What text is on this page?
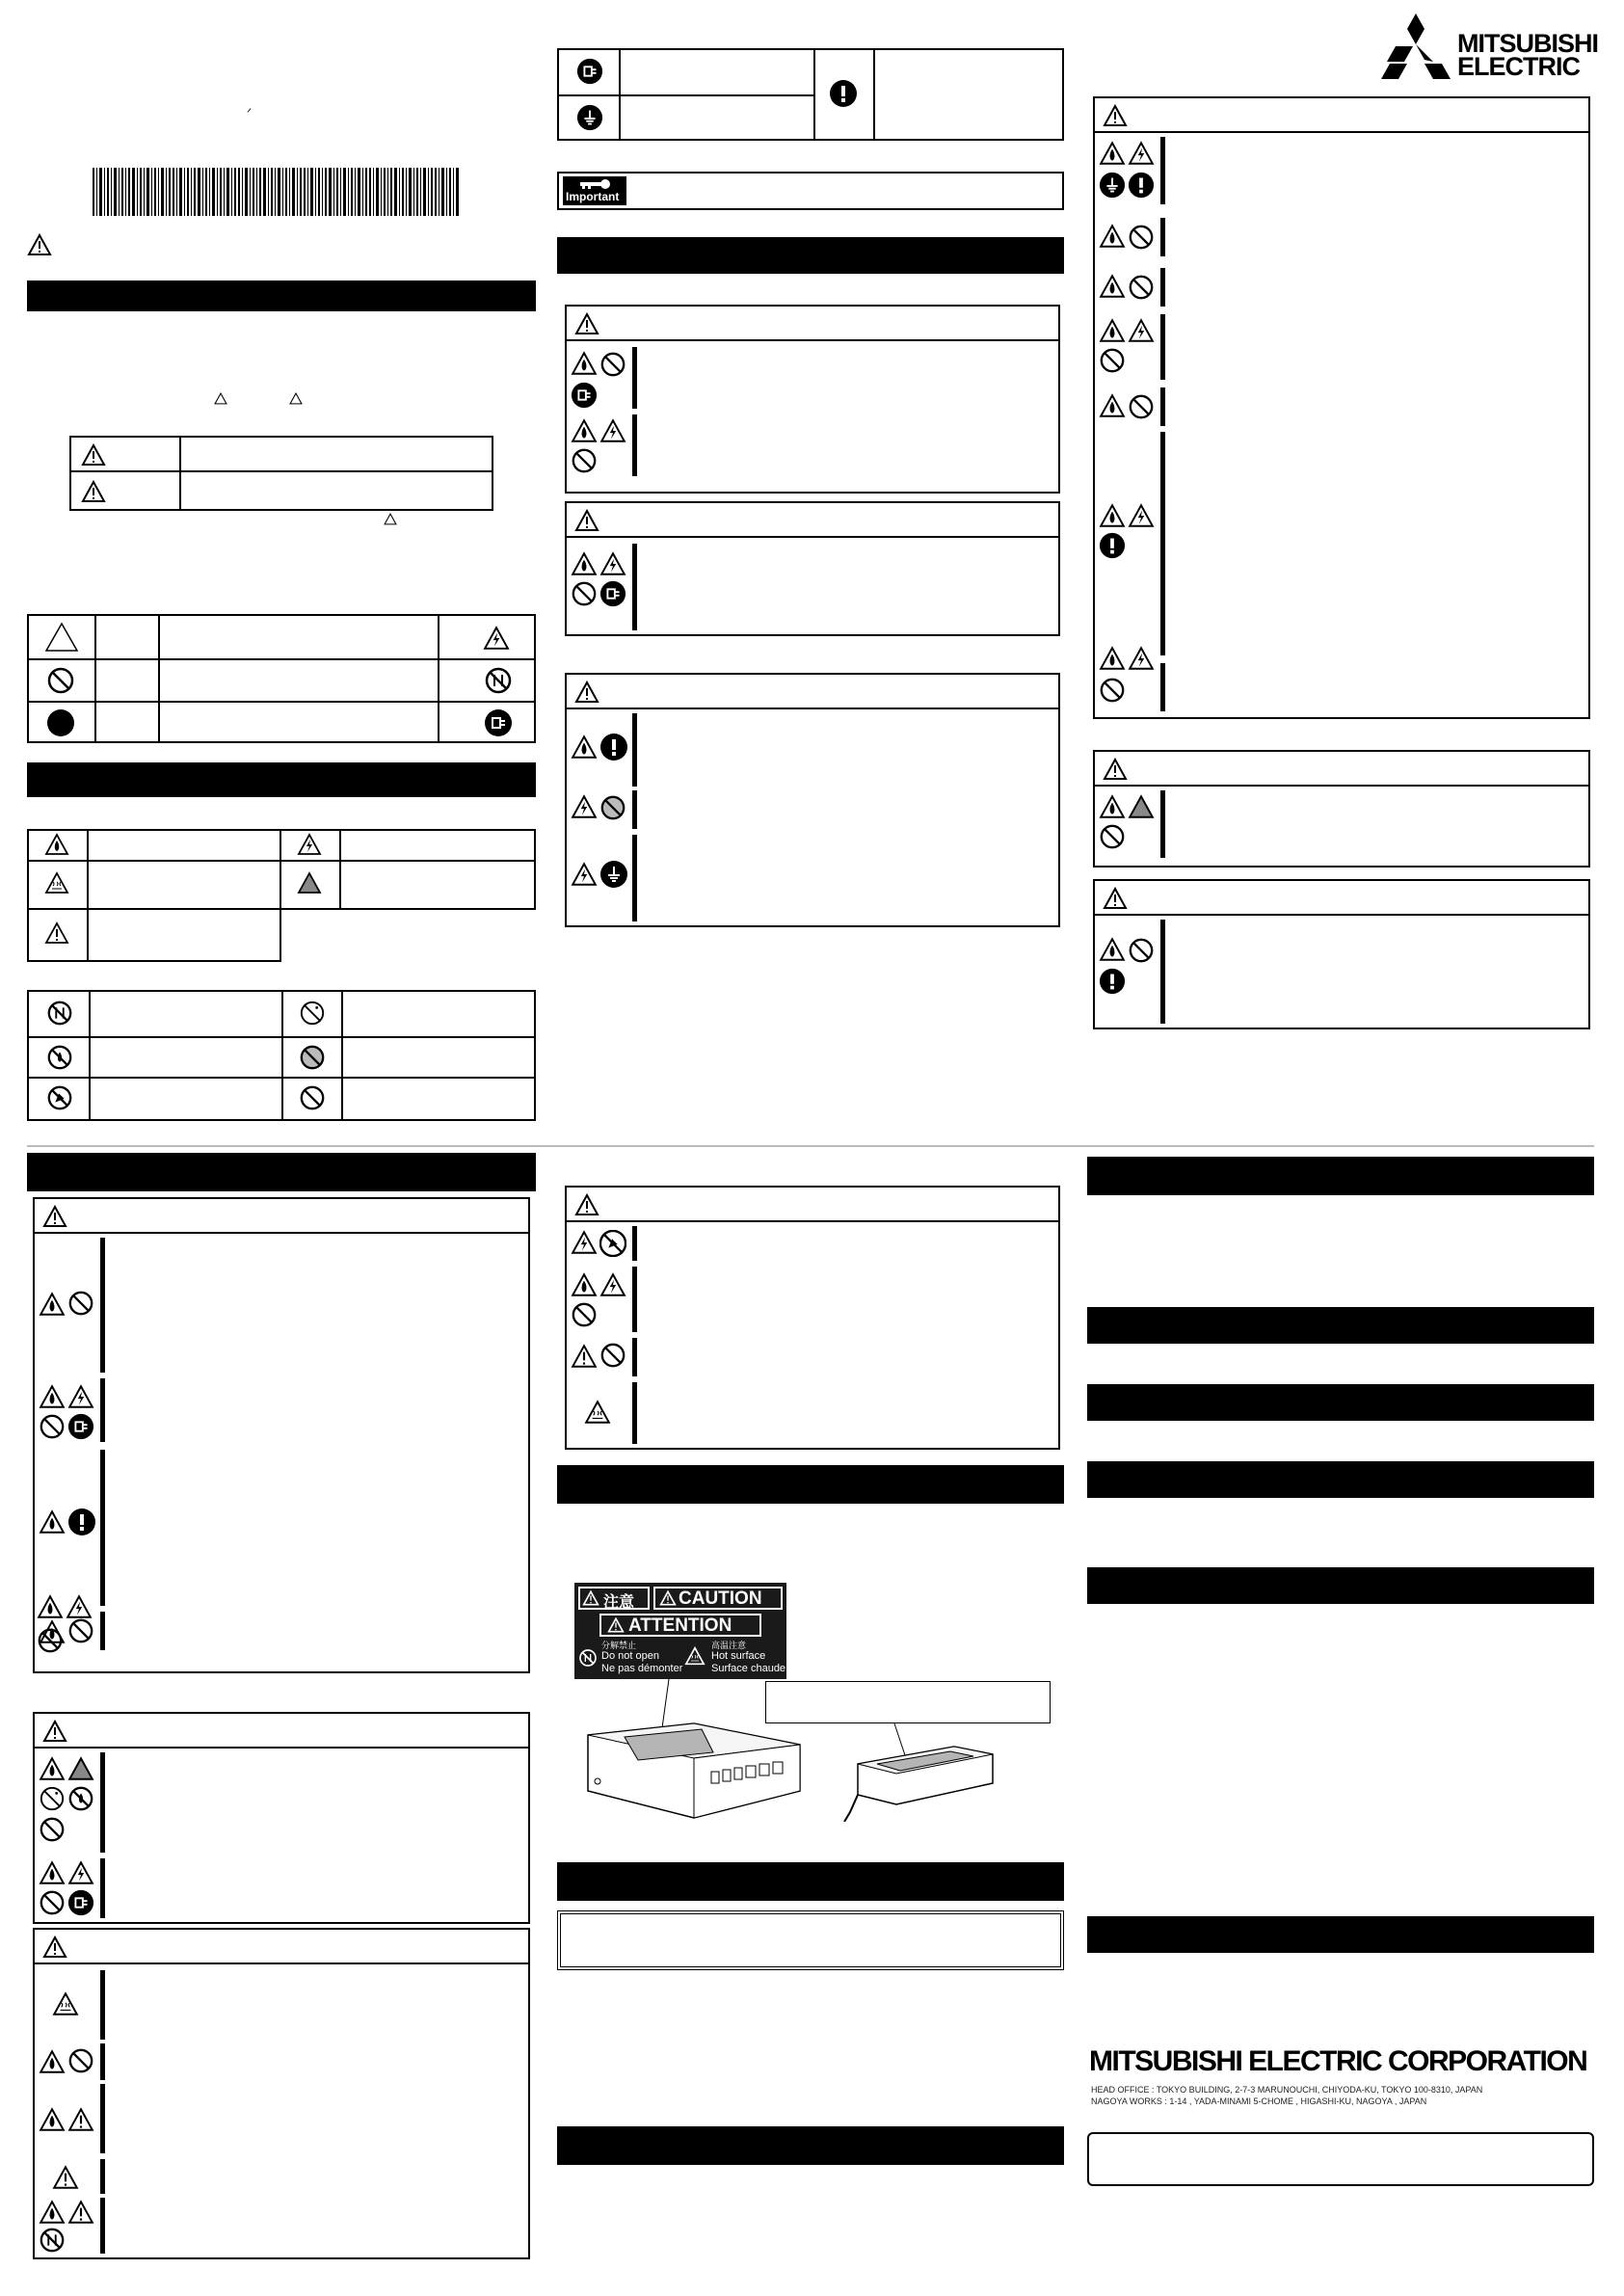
ᐟ
Important
MITSUBISHI
ELECTRIC
注意 CAUTION
ATTENTION
分解禁止
Do not open
Ne pas démonter
高温注意
Hot surface
Surface chaude
MITSUBISHI ELECTRIC CORPORATION
HEAD OFFICE : TOKYO BUILDING, 2-7-3 MARUNOUCHI, CHIYODA-KU, TOKYO 100-8310, JAPAN
NAGOYA WORKS : 1-14 , YADA-MINAMI 5-CHOME , HIGASHI-KU, NAGOYA , JAPAN
